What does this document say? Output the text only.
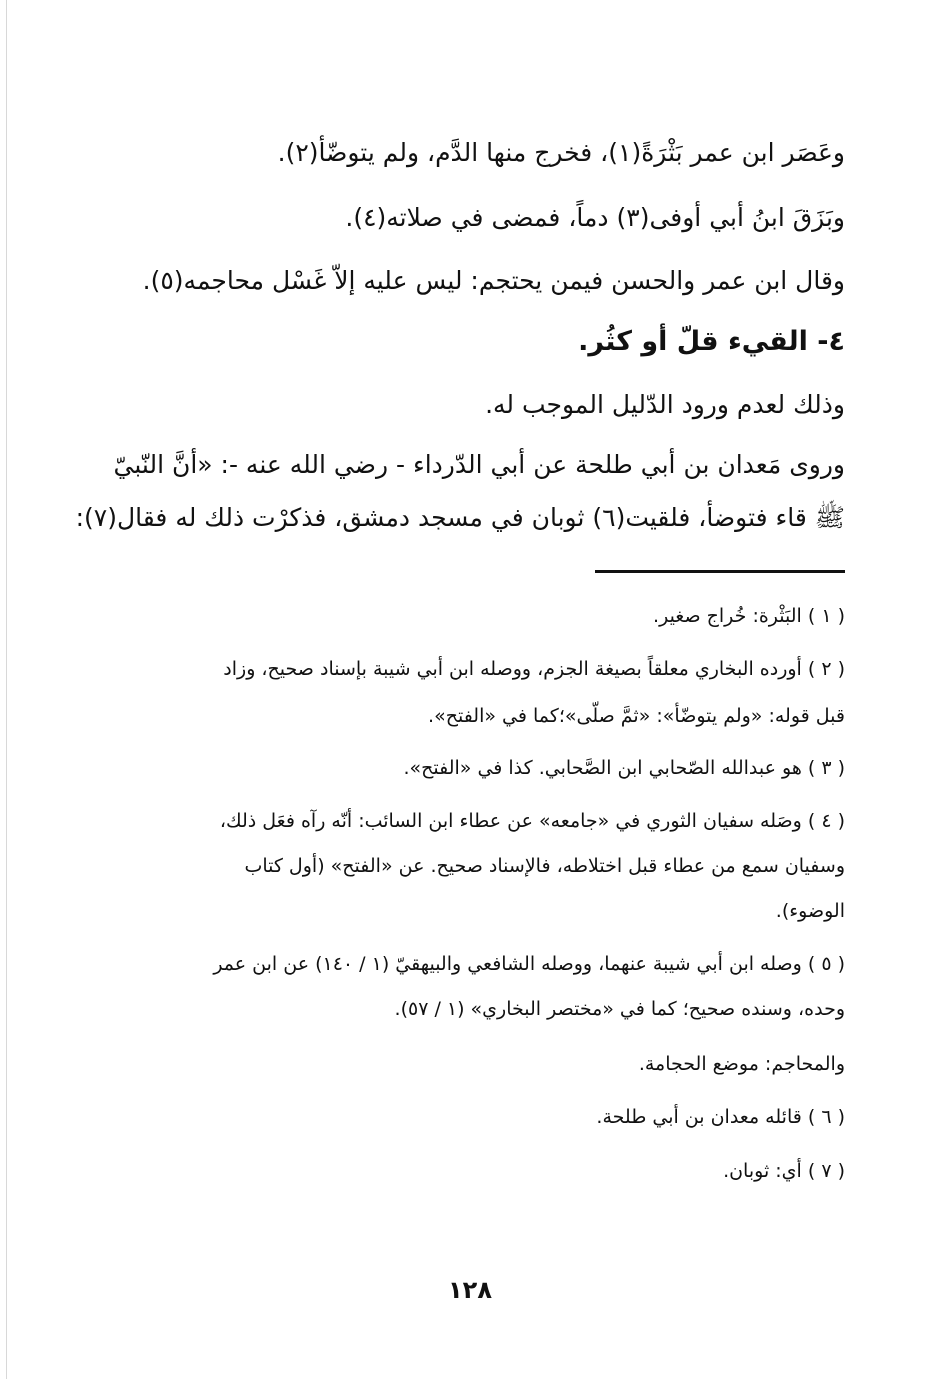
وعَصَر ابن عمر بَثْرَةً(١)، فخرج منها الدَّم، ولم يتوضّأ(٢).
وبَزَقَ ابنُ أبي أوفى(٣) دماً، فمضى في صلاته(٤).
وقال ابن عمر والحسن فيمن يحتجم: ليس عليه إلاّ غَسْل محاجمه(٥).
٤- القيء قلّ أو كثُر.
وذلك لعدم ورود الدّليل الموجب له.
وروى مَعدان بن أبي طلحة عن أبي الدّرداء - رضي الله عنه -: «أنَّ النّبيّ
ﷺ قاء فتوضأ، فلقيت(٦) ثوبان في مسجد دمشق، فذكرْت ذلك له فقال(٧):
( ١ ) البَثْرة: خُراج صغير.
( ٢ ) أورده البخاري معلقاً بصيغة الجزم، ووصله ابن أبي شيبة بإسناد صحيح، وزاد
قبل قوله: «ولم يتوضّأ»: «ثمَّ صلّى»؛كما في «الفتح».
( ٣ ) هو عبدالله الصّحابي ابن الصَّحابي. كذا في «الفتح».
( ٤ ) وصَله سفيان الثوري في «جامعه» عن عطاء ابن السائب: أنّه رآه فعَل ذلك،
وسفيان سمع من عطاء قبل اختلاطه، فالإسناد صحيح. عن «الفتح» (أول كتاب
الوضوء).
( ٥ ) وصله ابن أبي شيبة عنهما، ووصله الشافعي والبيهقيّ (١ / ١٤٠) عن ابن عمر
وحده، وسنده صحيح؛ كما في «مختصر البخاري» (١ / ٥٧).
والمحاجم: موضع الحجامة.
( ٦ ) قائله معدان بن أبي طلحة.
( ٧ ) أي: ثوبان.
١٢٨
